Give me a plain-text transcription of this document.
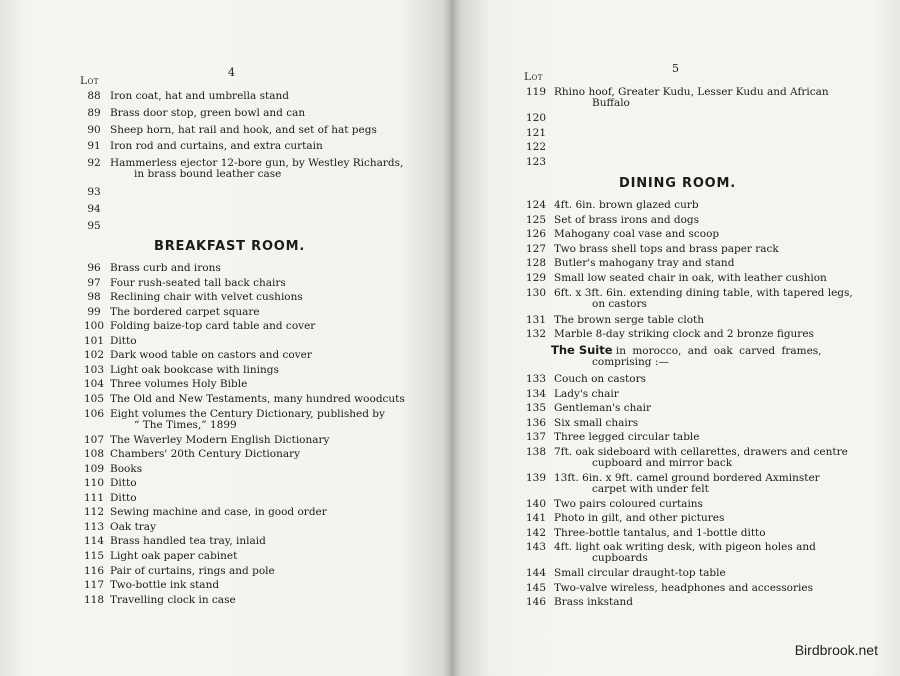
4
Lot
88 Iron coat, hat and umbrella stand
89 Brass door stop, green bowl and can
90 Sheep horn, hat rail and hook, and set of hat pegs
91 Iron rod and curtains, and extra curtain
92 Hammerless ejector 12-bore gun, by Westley Richards,
in brass bound leather case
93
94
95
BREAKFAST ROOM.
96 Brass curb and irons
97 Four rush-seated tall back chairs
98 Reclining chair with velvet cushions
99 The bordered carpet square
100 Folding baize-top card table and cover
101 Ditto
102 Dark wood table on castors and cover
103 Light oak bookcase with linings
104 Three volumes Holy Bible
105 The Old and New Testaments, many hundred woodcuts
106 Eight volumes the Century Dictionary, published by
“ The Times,” 1899
107 The Waverley Modern English Dictionary
108 Chambers' 20th Century Dictionary
109 Books
110 Ditto
111 Ditto
112 Sewing machine and case, in good order
113 Oak tray
114 Brass handled tea tray, inlaid
115 Light oak paper cabinet
116 Pair of curtains, rings and pole
117 Two-bottle ink stand
118 Travelling clock in case
5
Lot
119 Rhino hoof, Greater Kudu, Lesser Kudu and African
Buffalo
120
121
122
123
DINING ROOM.
124 4ft. 6in. brown glazed curb
125 Set of brass irons and dogs
126 Mahogany coal vase and scoop
127 Two brass shell tops and brass paper rack
128 Butler's mahogany tray and stand
129 Small low seated chair in oak, with leather cushion
130 6ft. x 3ft. 6in. extending dining table, with tapered legs,
on castors
131 The brown serge table cloth
132 Marble 8-day striking clock and 2 bronze figures
The Suite in morocco, and oak carved frames,
comprising :—
133 Couch on castors
134 Lady's chair
135 Gentleman's chair
136 Six small chairs
137 Three legged circular table
138 7ft. oak sideboard with cellarettes, drawers and centre
cupboard and mirror back
139 13ft. 6in. x 9ft. camel ground bordered Axminster
carpet with under felt
140 Two pairs coloured curtains
141 Photo in gilt, and other pictures
142 Three-bottle tantalus, and 1-bottle ditto
143 4ft. light oak writing desk, with pigeon holes and
cupboards
144 Small circular draught-top table
145 Two-valve wireless, headphones and accessories
146 Brass inkstand
Birdbrook.net
